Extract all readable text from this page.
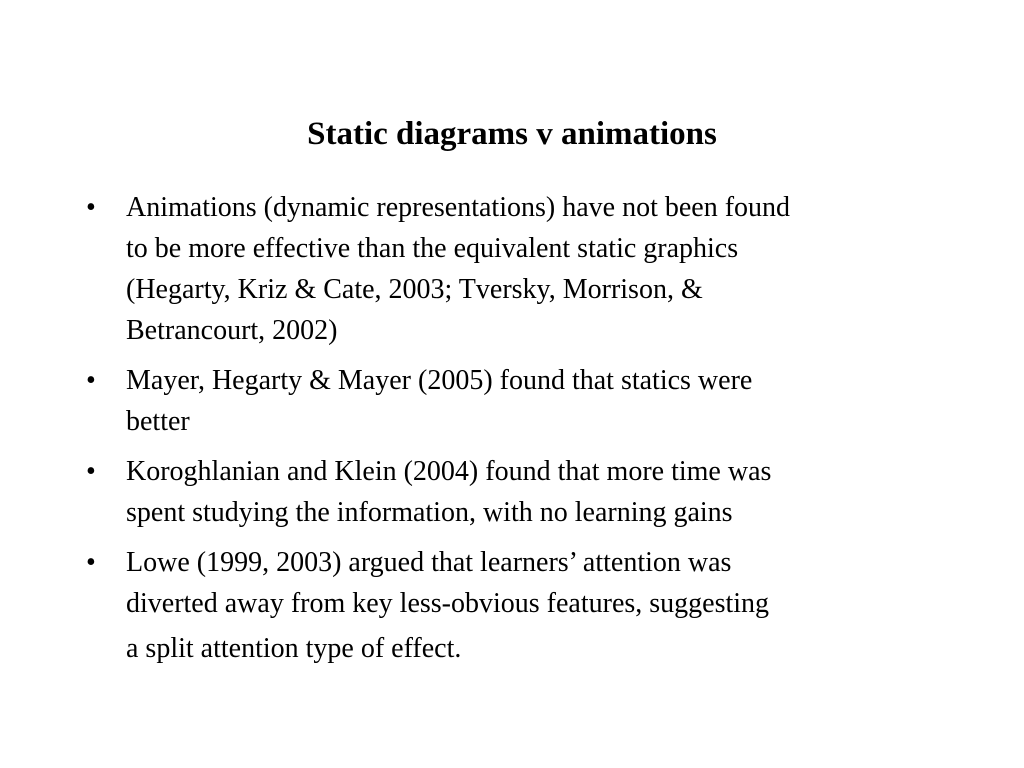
Static diagrams v animations
•	Animations (dynamic representations) have not been found
to be more effective than the equivalent static graphics
(Hegarty, Kriz & Cate, 2003; Tversky, Morrison, &
Betrancourt, 2002)
•	Mayer, Hegarty & Mayer (2005) found that statics were
better
•	Koroghlanian and Klein (2004) found that more time was
spent studying the information, with no learning gains
•	Lowe (1999, 2003) argued that learners’ attention was
diverted away from key less-obvious features, suggesting
a split attention type of effect.
